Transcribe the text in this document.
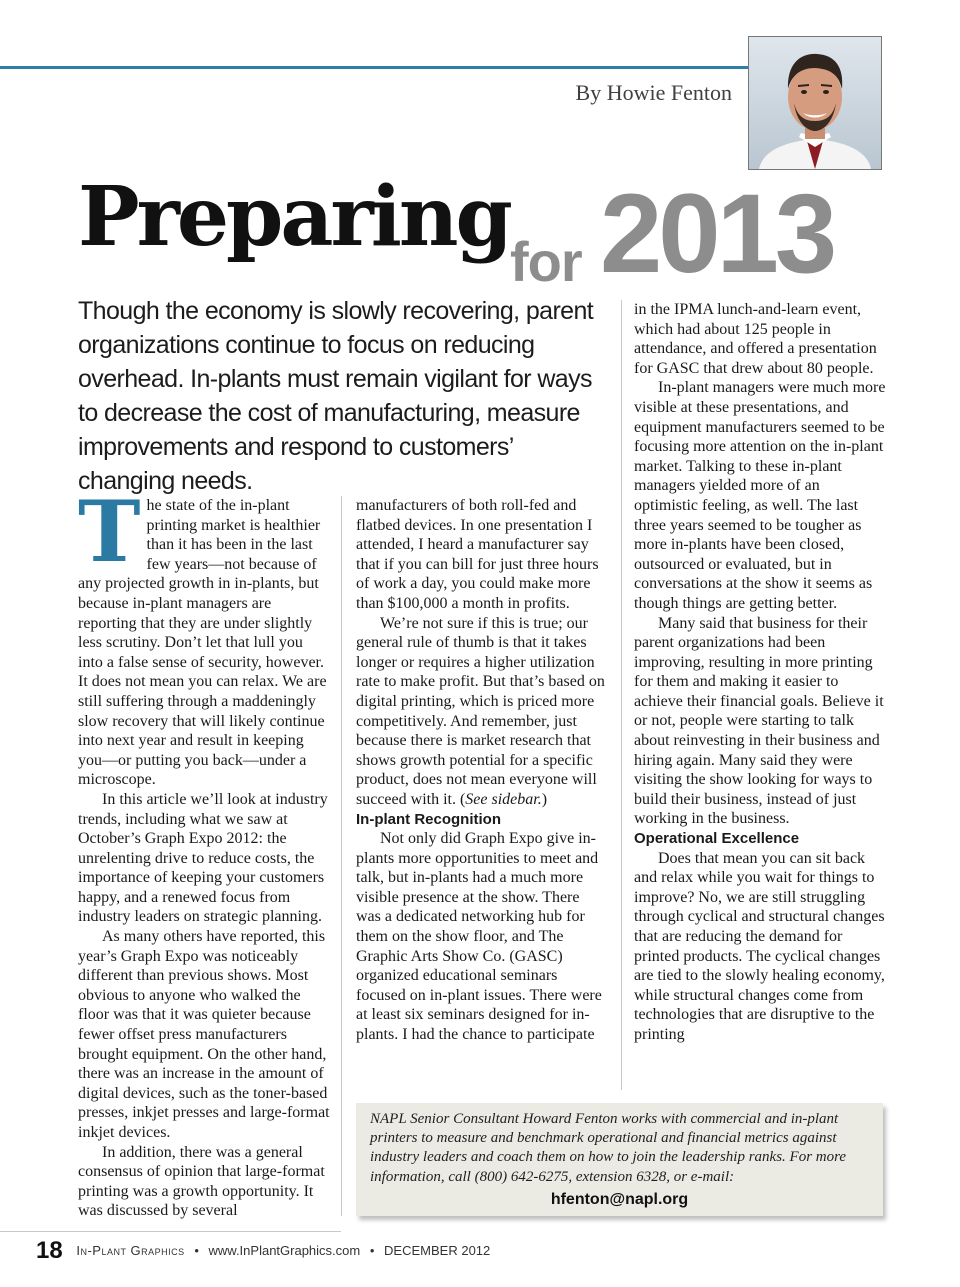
By Howie Fenton
Preparing for 2013

Though the economy is slowly recovering, parent organizations continue to focus on reducing overhead. In-plants must remain vigilant for ways to decrease the cost of manufacturing, measure improvements and respond to customers’ changing needs.

T he state of the in-plant printing market is healthier than it has been in the last few years—not because of any projected growth in in-plants, but because in-plant managers are reporting that they are under slightly less scrutiny. Don’t let that lull you into a false sense of security, however. It does not mean you can relax. We are still suffering through a maddeningly slow recovery that will likely continue into next year and result in keeping you—or putting you back—under a microscope.

In this article we’ll look at industry trends, including what we saw at October’s Graph Expo 2012: the unrelenting drive to reduce costs, the importance of keeping your customers happy, and a renewed focus from industry leaders on strategic planning.

As many others have reported, this year’s Graph Expo was noticeably different than previous shows. Most obvious to anyone who walked the floor was that it was quieter because fewer offset press manufacturers brought equipment. On the other hand, there was an increase in the amount of digital devices, such as the toner-based presses, inkjet presses and large-format inkjet devices.

In addition, there was a general consensus of opinion that large-format printing was a growth opportunity. It was discussed by several

manufacturers of both roll-fed and flatbed devices. In one presentation I attended, I heard a manufacturer say that if you can bill for just three hours of work a day, you could make more than $100,000 a month in profits.

We’re not sure if this is true; our general rule of thumb is that it takes longer or requires a higher utilization rate to make profit. But that’s based on digital printing, which is priced more competitively. And remember, just because there is market research that shows growth potential for a specific product, does not mean everyone will succeed with it. (See sidebar.)

In-plant Recognition

Not only did Graph Expo give in-plants more opportunities to meet and talk, but in-plants had a much more visible presence at the show. There was a dedicated networking hub for them on the show floor, and The Graphic Arts Show Co. (GASC) organized educational seminars focused on in-plant issues. There were at least six seminars designed for in-plants. I had the chance to participate

in the IPMA lunch-and-learn event, which had about 125 people in attendance, and offered a presentation for GASC that drew about 80 people.

In-plant managers were much more visible at these presentations, and equipment manufacturers seemed to be focusing more attention on the in-plant market. Talking to these in-plant managers yielded more of an optimistic feeling, as well. The last three years seemed to be tougher as more in-plants have been closed, outsourced or evaluated, but in conversations at the show it seems as though things are getting better.

Many said that business for their parent organizations had been improving, resulting in more printing for them and making it easier to achieve their financial goals. Believe it or not, people were starting to talk about reinvesting in their business and hiring again. Many said they were visiting the show looking for ways to build their business, instead of just working in the business.

Operational Excellence

Does that mean you can sit back and relax while you wait for things to improve? No, we are still struggling through cyclical and structural changes that are reducing the demand for printed products. The cyclical changes are tied to the slowly healing economy, while structural changes come from technologies that are disruptive to the printing

NAPL Senior Consultant Howard Fenton works with commercial and in-plant printers to measure and benchmark operational and financial metrics against industry leaders and coach them on how to join the leadership ranks. For more information, call (800) 642-6275, extension 6328, or e-mail:

hfenton@napl.org
18 In-Plant Graphics • www.InPlantGraphics.com • DECEMBER 2012
